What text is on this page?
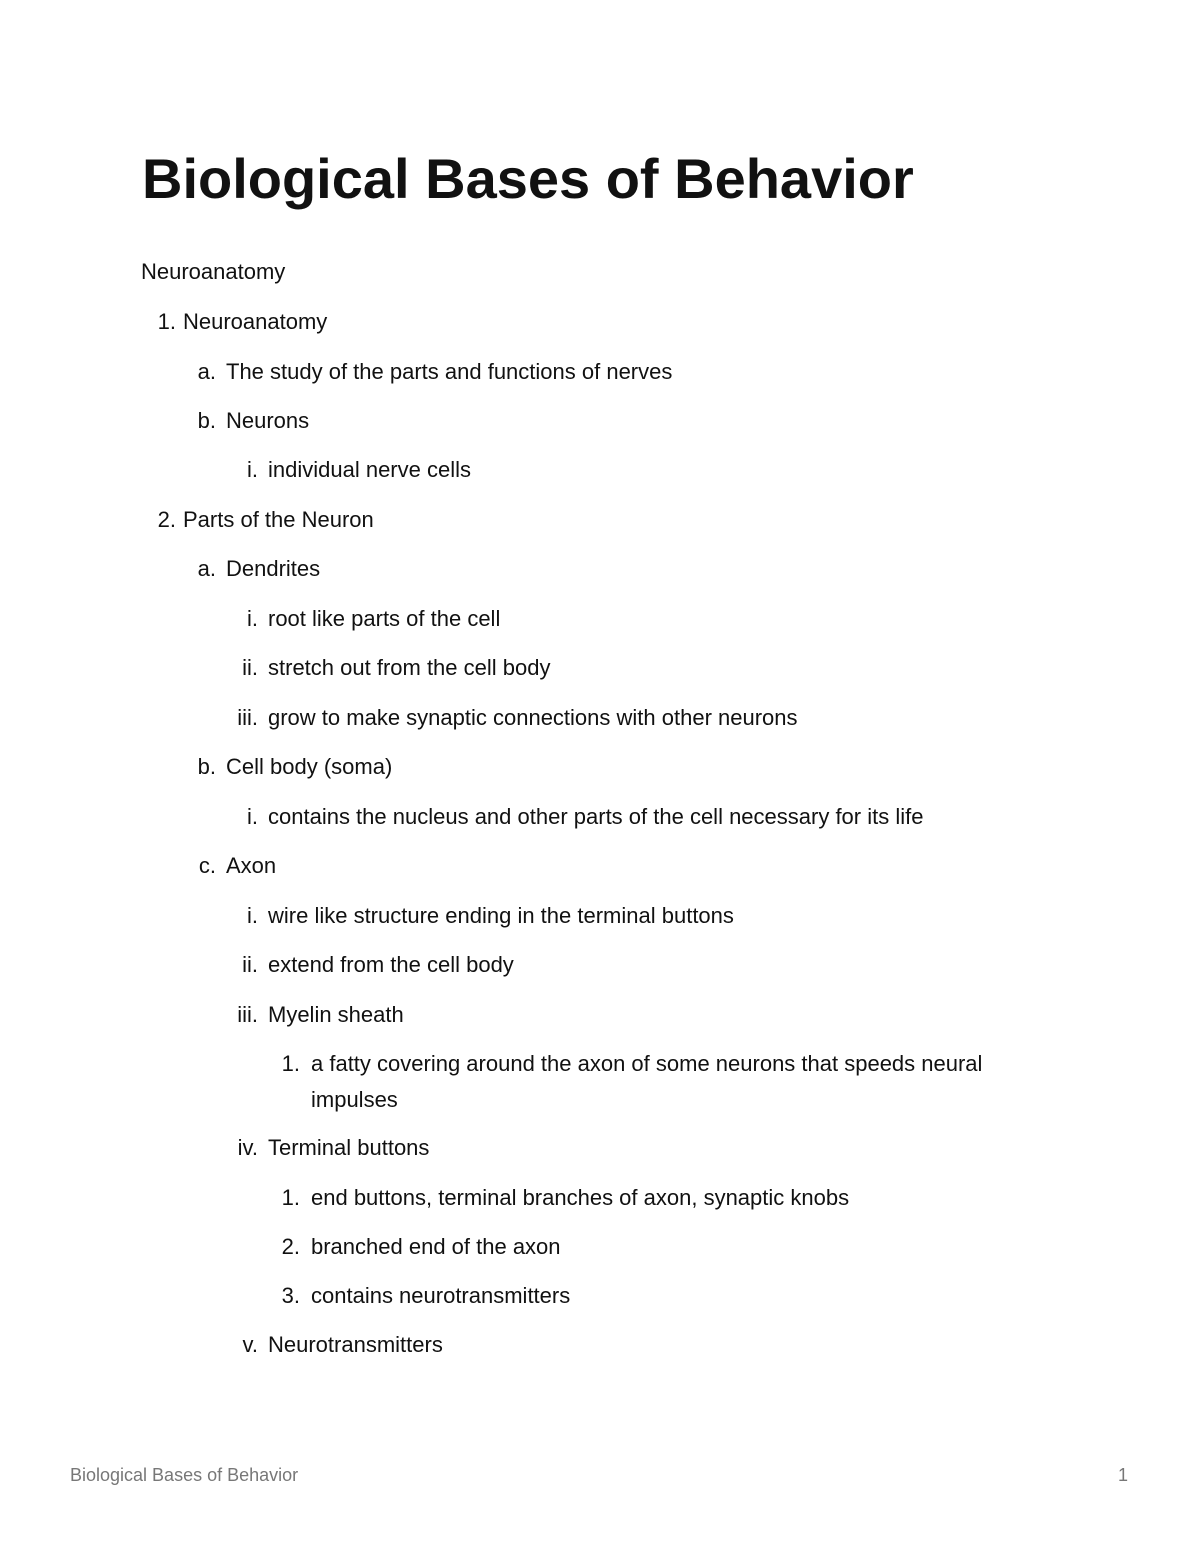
Biological Bases of Behavior
Neuroanatomy
1. Neuroanatomy
a. The study of the parts and functions of nerves
b. Neurons
i. individual nerve cells
2. Parts of the Neuron
a. Dendrites
i. root like parts of the cell
ii. stretch out from the cell body
iii. grow to make synaptic connections with other neurons
b. Cell body (soma)
i. contains the nucleus and other parts of the cell necessary for its life
c. Axon
i. wire like structure ending in the terminal buttons
ii. extend from the cell body
iii. Myelin sheath
1. a fatty covering around the axon of some neurons that speeds neural impulses
iv. Terminal buttons
1. end buttons, terminal branches of axon, synaptic knobs
2. branched end of the axon
3. contains neurotransmitters
v. Neurotransmitters
Biological Bases of Behavior	1
